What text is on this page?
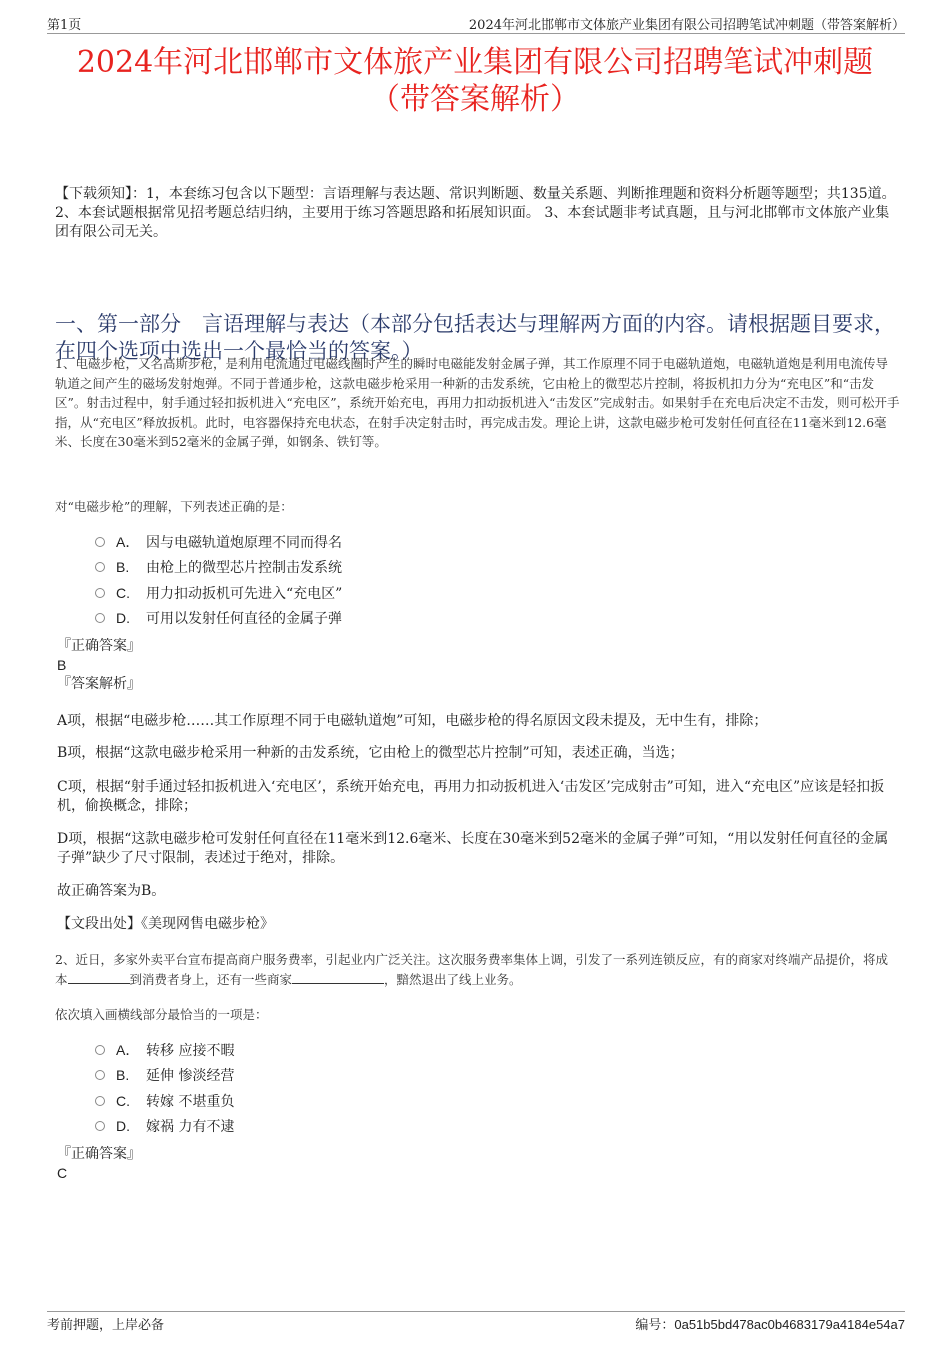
第1页	2024年河北邯郸市文体旅产业集团有限公司招聘笔试冲刺题（带答案解析）
2024年河北邯郸市文体旅产业集团有限公司招聘笔试冲刺题
（带答案解析）
【下载须知】：1，本套练习包含以下题型：言语理解与表达题、常识判断题、数量关系题、判断推理题和资料分析题等题型；共135道。 2、本套试题根据常见招考题总结归纳，主要用于练习答题思路和拓展知识面。 3、本套试题非考试真题，且与河北邯郸市文体旅产业集团有限公司无关。
一、第一部分　言语理解与表达（本部分包括表达与理解两方面的内容。请根据题目要求，在四个选项中选出一个最恰当的答案。）
1、电磁步枪，又名高斯步枪，是利用电流通过电磁线圈时产生的瞬时电磁能发射金属子弹，其工作原理不同于电磁轨道炮，电磁轨道炮是利用电流传导轨道之间产生的磁场发射炮弹。不同于普通步枪，这款电磁步枪采用一种新的击发系统，它由枪上的微型芯片控制，将扳机扣力分为“充电区”和“击发区”。射击过程中，射手通过轻扣扳机进入“充电区”，系统开始充电，再用力扣动扳机进入“击发区”完成射击。如果射手在充电后决定不击发，则可松开手指，从“充电区”释放扳机。此时，电容器保持充电状态，在射手决定射击时，再完成击发。理论上讲，这款电磁步枪可发射任何直径在11毫米到12.6毫米、长度在30毫米到52毫米的金属子弹，如钢条、铁钉等。
对“电磁步枪”的理解，下列表述正确的是：
A． 因与电磁轨道炮原理不同而得名
B.	由枪上的微型芯片控制击发系统
C.	用力扣动扳机可先进入“充电区”
D.	可用以发射任何直径的金属子弹
『正确答案』
B
『答案解析』
A项，根据“电磁步枪……其工作原理不同于电磁轨道炮”可知，电磁步枪的得名原因文段未提及，无中生有，排除；
B项，根据“这款电磁步枪采用一种新的击发系统，它由枪上的微型芯片控制”可知，表述正确，当选；
C项，根据“射手通过轻扣扳机进入‘充电区’，系统开始充电，再用力扣动扳机进入‘击发区’完成射击”可知，进入“充电区”应该是轻扣扳机，偷换概念，排除；
D项，根据“这款电磁步枪可发射任何直径在11毫米到12.6毫米、长度在30毫米到52毫米的金属子弹”可知，“用以发射任何直径的金属子弹”缺少了尺寸限制，表述过于绝对，排除。
故正确答案为B。
【文段出处】《美现网售电磁步枪》
2、近日，多家外卖平台宣布提高商户服务费率，引起业内广泛关注。这次服务费率集体上调，引发了一系列连锁反应，有的商家对终端产品提价，将成本	到消费者身上，还有一些商家	，黯然退出了线上业务。
依次填入画横线部分最恰当的一项是：
A． 转移 应接不暇
B.	延伸 惨淡经营
C.	转嫁 不堪重负
D.	嫁祸 力有不逮
『正确答案』
C
考前押题，上岸必备	编号：0a51b5bd478ac0b4683179a4184e54a7
